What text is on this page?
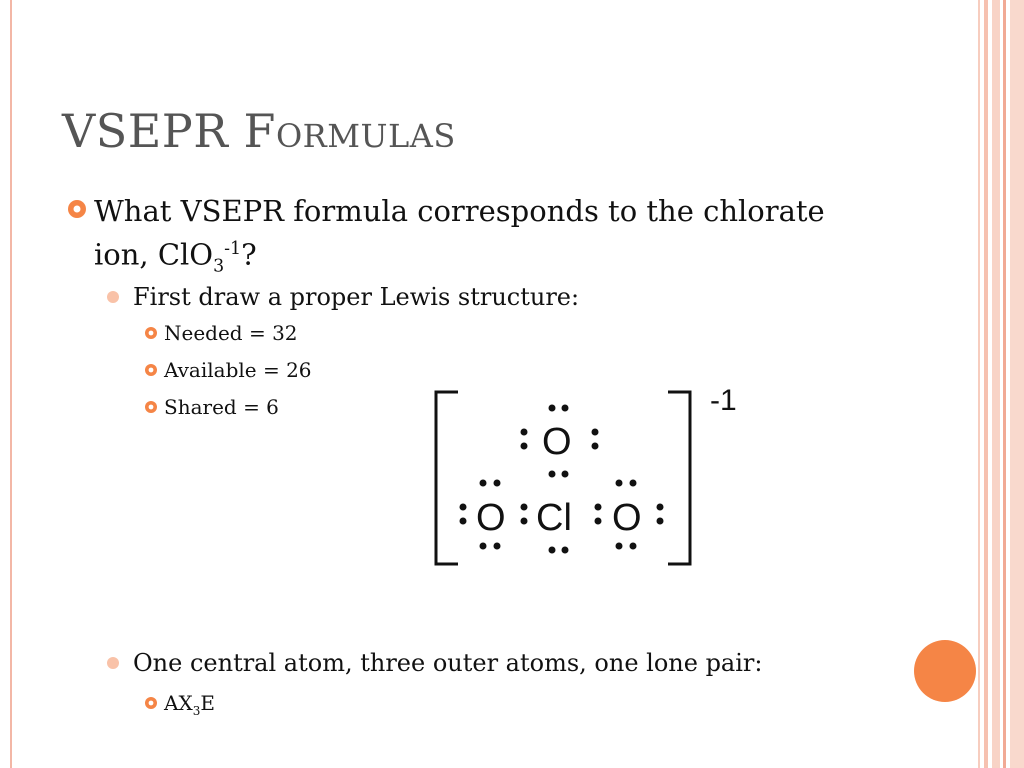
VSEPR Formulas
What VSEPR formula corresponds to the chlorate
ion, ClO$_3^{-1}$?
First draw a proper Lewis structure:
Needed = 32
Available = 26
Shared = 6	-1
O
O Cl O
One central atom, three outer atoms, one lone pair:
$AX_3E$
